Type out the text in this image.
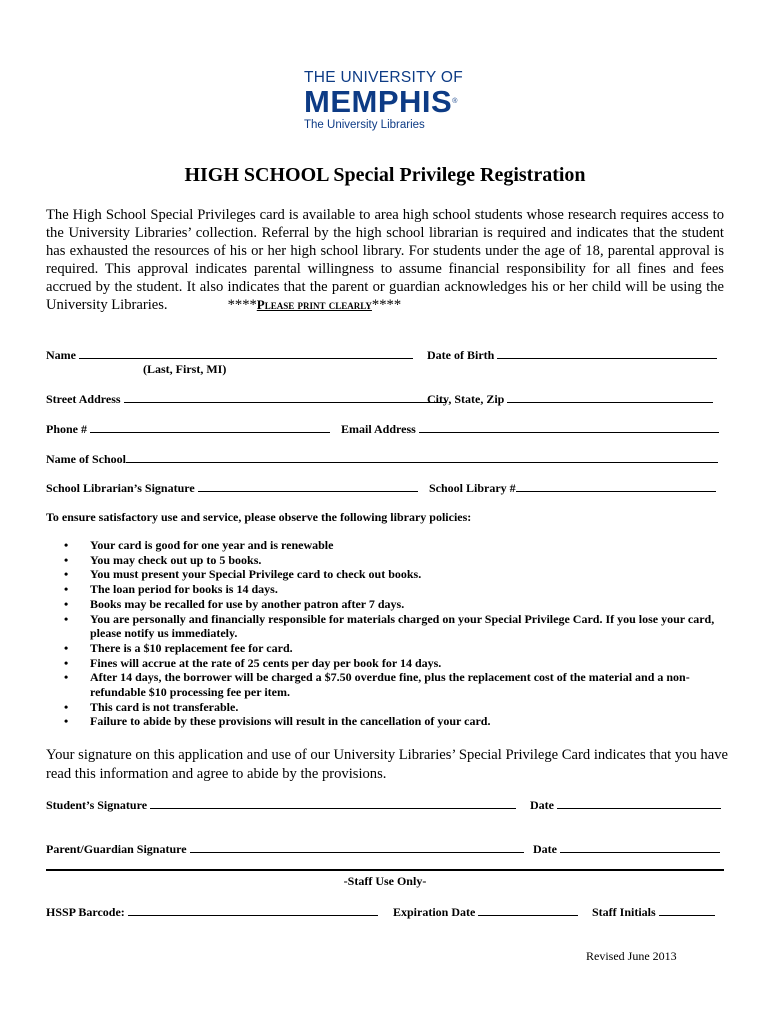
THE UNIVERSITY OF
MEMPHIS®
The University Libraries
HIGH SCHOOL Special Privilege Registration
The High School Special Privileges card is available to area high school students whose research requires access to the University Libraries’ collection. Referral by the high school librarian is required and indicates that the student has exhausted the resources of his or her high school library. For students under the age of 18, parental approval is required. This approval indicates parental willingness to assume financial responsibility for all fines and fees accrued by the student. It also indicates that the parent or guardian acknowledges his or her child will be using the University Libraries.	****Please print clearly****
Name	Date of Birth
(Last, First, MI)
Street Address	City, State, Zip
Phone #	Email Address
Name of School
School Librarian’s Signature	School Library #
To ensure satisfactory use and service, please observe the following library policies:
• Your card is good for one year and is renewable
• You may check out up to 5 books.
• You must present your Special Privilege card to check out books.
• The loan period for books is 14 days.
• Books may be recalled for use by another patron after 7 days.
• You are personally and financially responsible for materials charged on your Special Privilege Card. If you lose your card, please notify us immediately.
• There is a $10 replacement fee for card.
• Fines will accrue at the rate of 25 cents per day per book for 14 days.
• After 14 days, the borrower will be charged a $7.50 overdue fine, plus the replacement cost of the material and a non-refundable $10 processing fee per item.
• This card is not transferable.
• Failure to abide by these provisions will result in the cancellation of your card.
Your signature on this application and use of our University Libraries’ Special Privilege Card indicates that you have read this information and agree to abide by the provisions.
Student’s Signature	Date
Parent/Guardian Signature	Date
-Staff Use Only-
HSSP Barcode:	Expiration Date	Staff Initials
Revised June 2013
